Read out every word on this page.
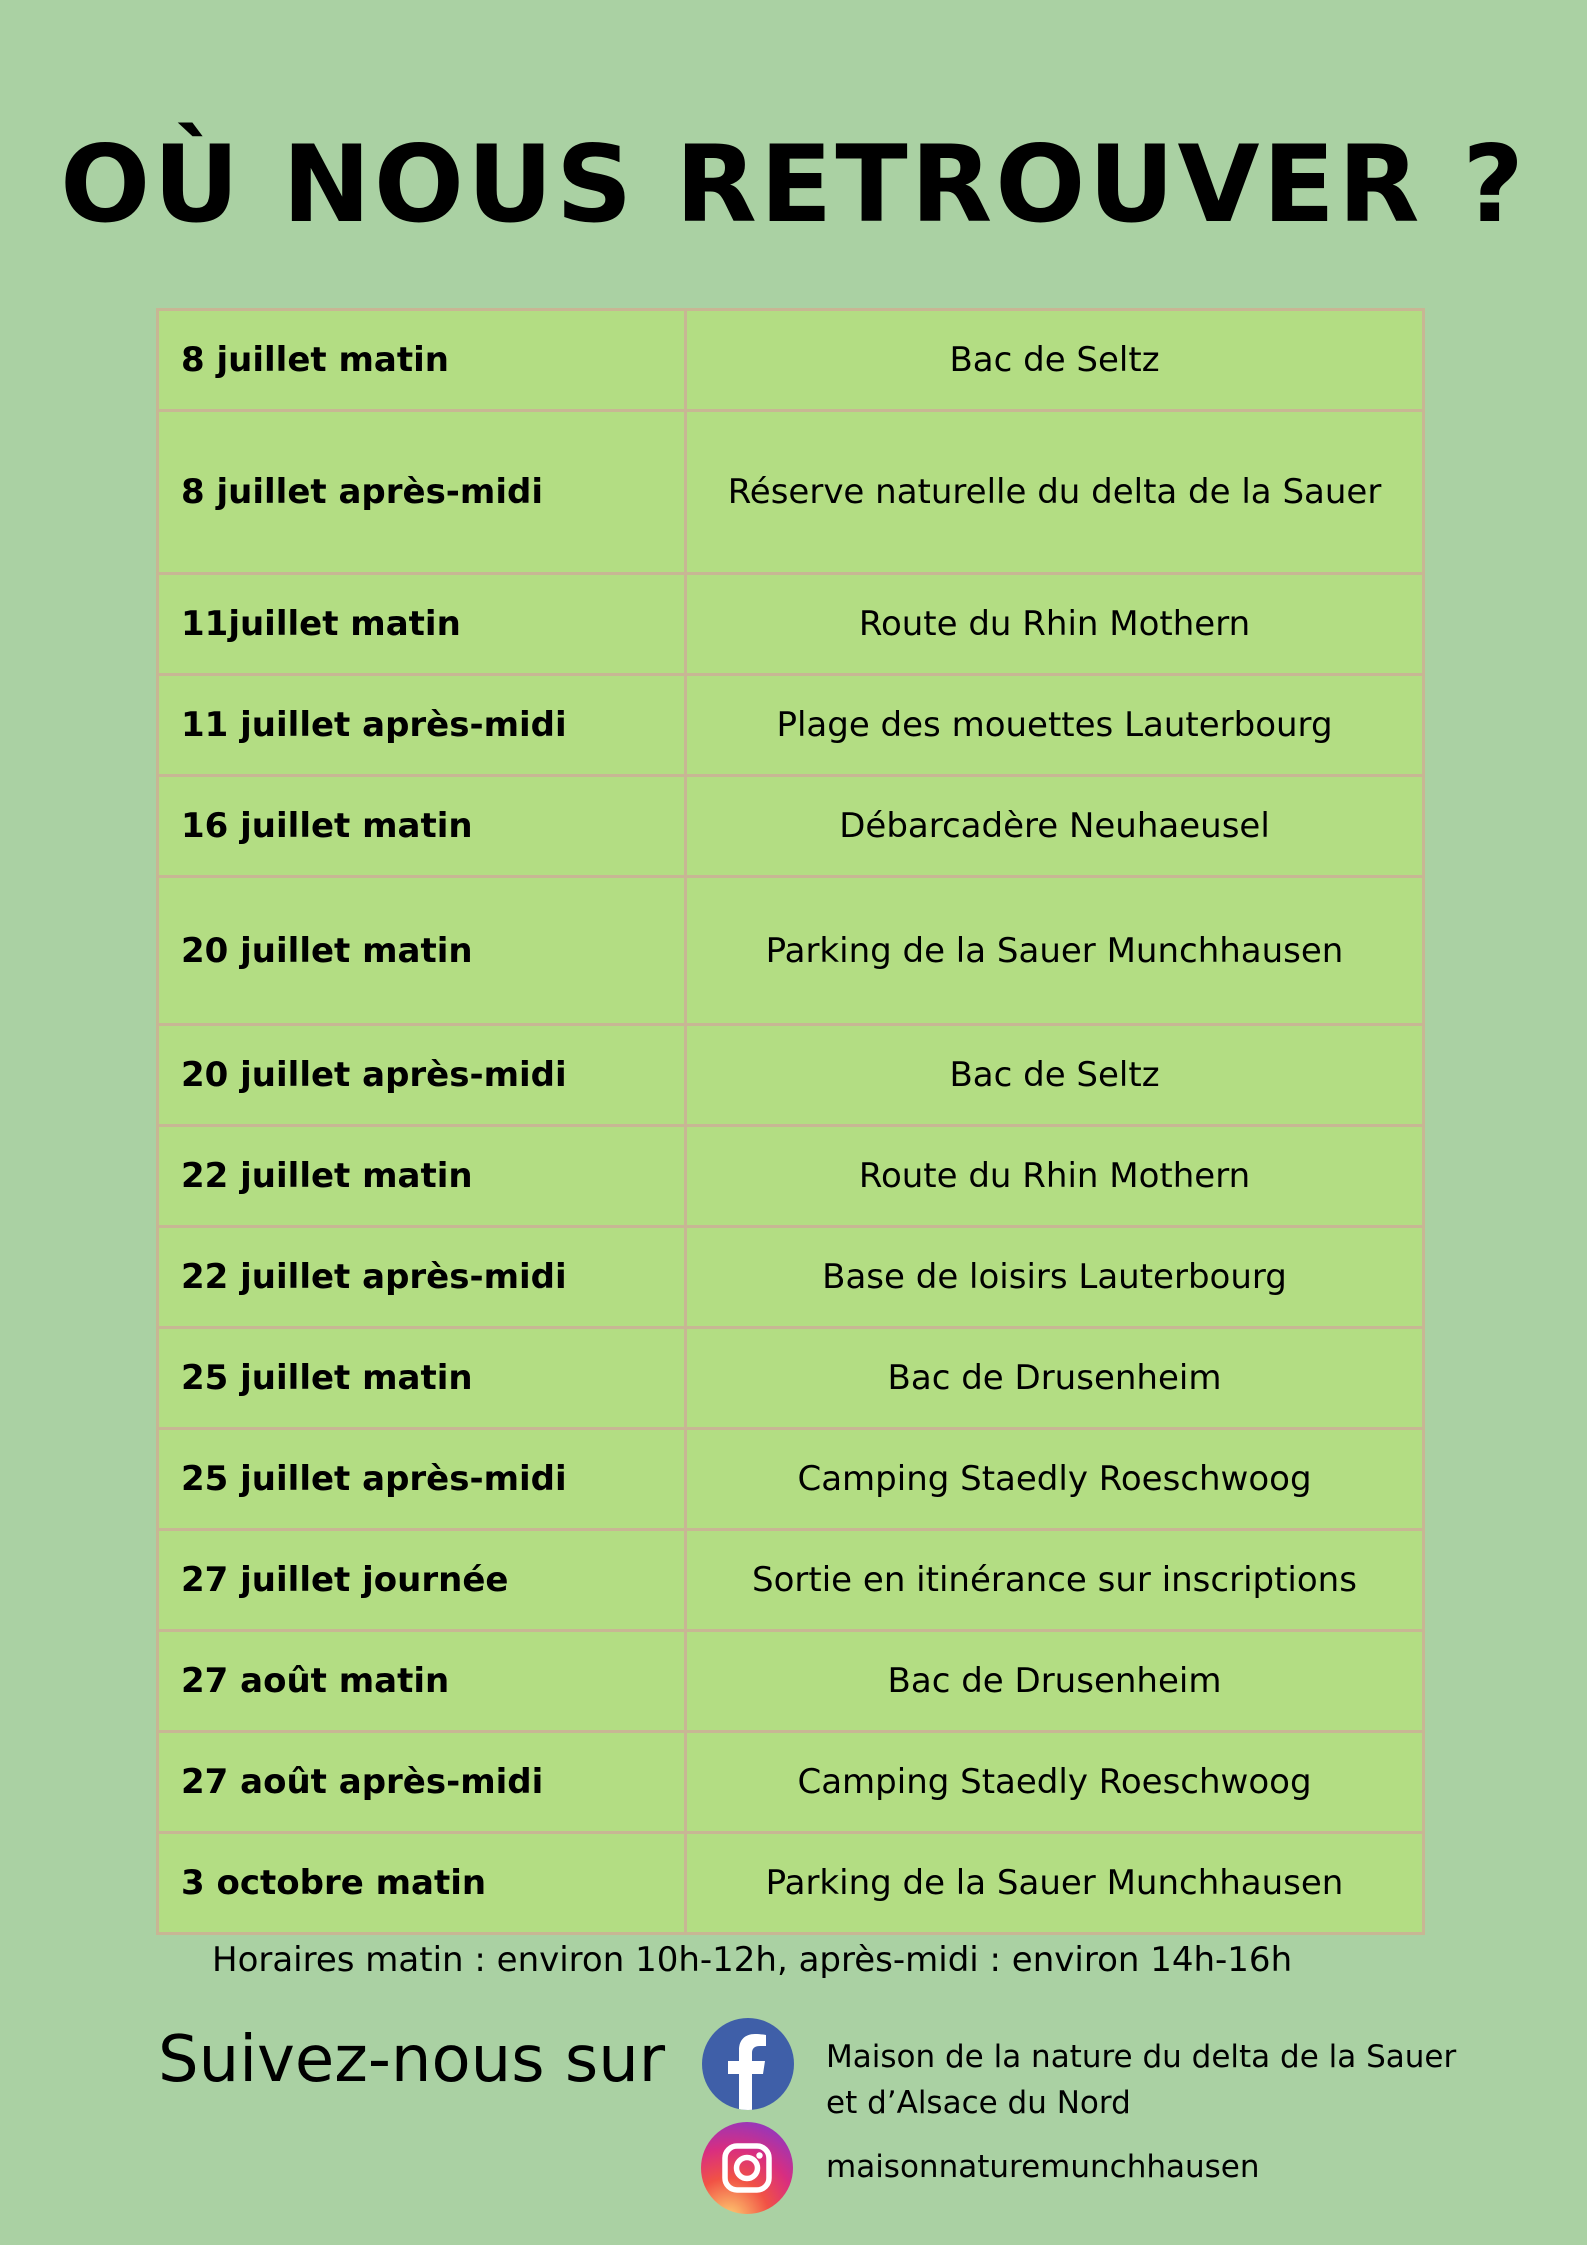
OÙ NOUS RETROUVER ?
8 juillet matin	Bac de Seltz
8 juillet après-midi	Réserve naturelle du delta de la Sauer
11juillet matin	Route du Rhin Mothern
11 juillet après-midi	Plage des mouettes Lauterbourg
16 juillet matin	Débarcadère Neuhaeusel
20 juillet matin	Parking de la Sauer Munchhausen
20 juillet après-midi	Bac de Seltz
22 juillet matin	Route du Rhin Mothern
22 juillet après-midi	Base de loisirs Lauterbourg
25 juillet matin	Bac de Drusenheim
25 juillet après-midi	Camping Staedly Roeschwoog
27 juillet journée	Sortie en itinérance sur inscriptions
27 août matin	Bac de Drusenheim
27 août après-midi	Camping Staedly Roeschwoog
3 octobre matin	Parking de la Sauer Munchhausen

Horaires matin : environ 10h-12h, après-midi : environ 14h-16h

Suivez-nous sur	Maison de la nature du delta de la Sauer
et d’Alsace du Nord

maisonnaturemunchhausen
